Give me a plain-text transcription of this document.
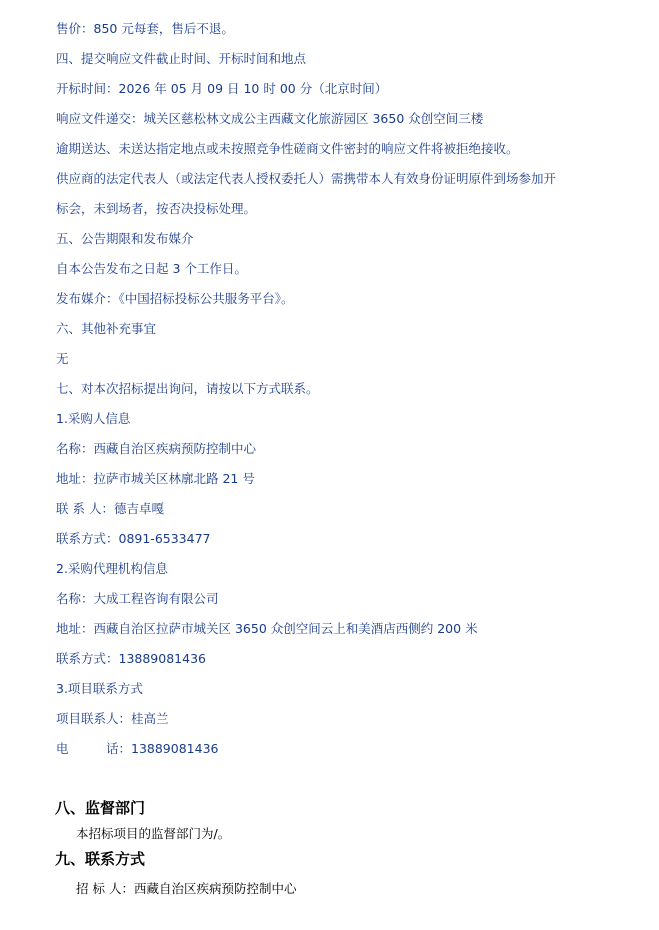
售价：850 元每套，售后不退。
四、提交响应文件截止时间、开标时间和地点
开标时间：2026 年 05 月 09 日 10 时 00 分（北京时间）
响应文件递交：城关区慈松林文成公主西藏文化旅游园区 3650 众创空间三楼
逾期送达、未送达指定地点或未按照竞争性磋商文件密封的响应文件将被拒绝接收。
供应商的法定代表人（或法定代表人授权委托人）需携带本人有效身份证明原件到场参加开
标会，未到场者，按否决投标处理。
五、公告期限和发布媒介
自本公告发布之日起 3 个工作日。
发布媒介：《中国招标投标公共服务平台》。
六、其他补充事宜
无
七、对本次招标提出询问，请按以下方式联系。
1.采购人信息
名称：西藏自治区疾病预防控制中心
地址：拉萨市城关区林廓北路 21 号
联 系 人：德吉卓嘎
联系方式：0891-6533477
2.采购代理机构信息
名称：大成工程咨询有限公司
地址：西藏自治区拉萨市城关区 3650 众创空间云上和美酒店西侧约 200 米
联系方式：13889081436
3.项目联系方式
项目联系人：桂高兰
电　　　话：13889081436
八、监督部门
本招标项目的监督部门为/。
九、联系方式
招 标 人：西藏自治区疾病预防控制中心
